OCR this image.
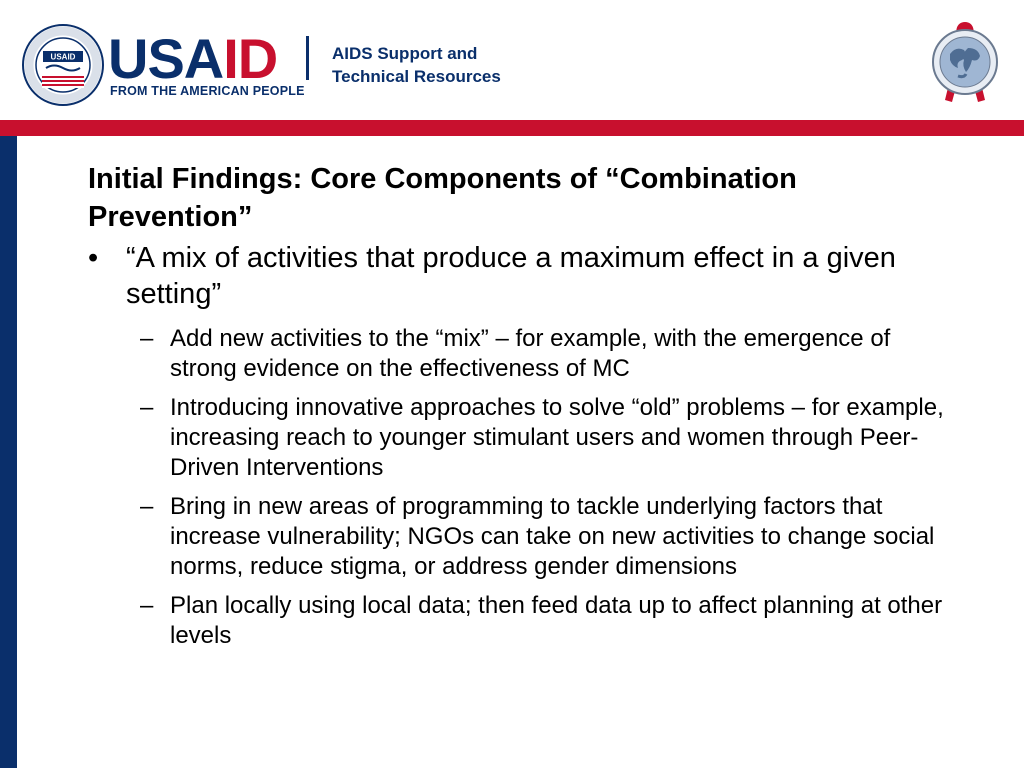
USAID USAID
FROM THE AMERICAN PEOPLE
AIDS Support and
Technical Resources
Initial Findings: Core Components of “Combination Prevention”
• “A mix of activities that produce a maximum effect in a given setting”
– Add new activities to the “mix” – for example, with the emergence of strong evidence on the effectiveness of MC
– Introducing innovative approaches to solve “old” problems – for example, increasing reach to younger stimulant users and women through Peer-Driven Interventions
– Bring in new areas of programming to tackle underlying factors that increase vulnerability; NGOs can take on new activities to change social norms, reduce stigma, or address gender dimensions
– Plan locally using local data; then feed data up to affect planning at other levels
